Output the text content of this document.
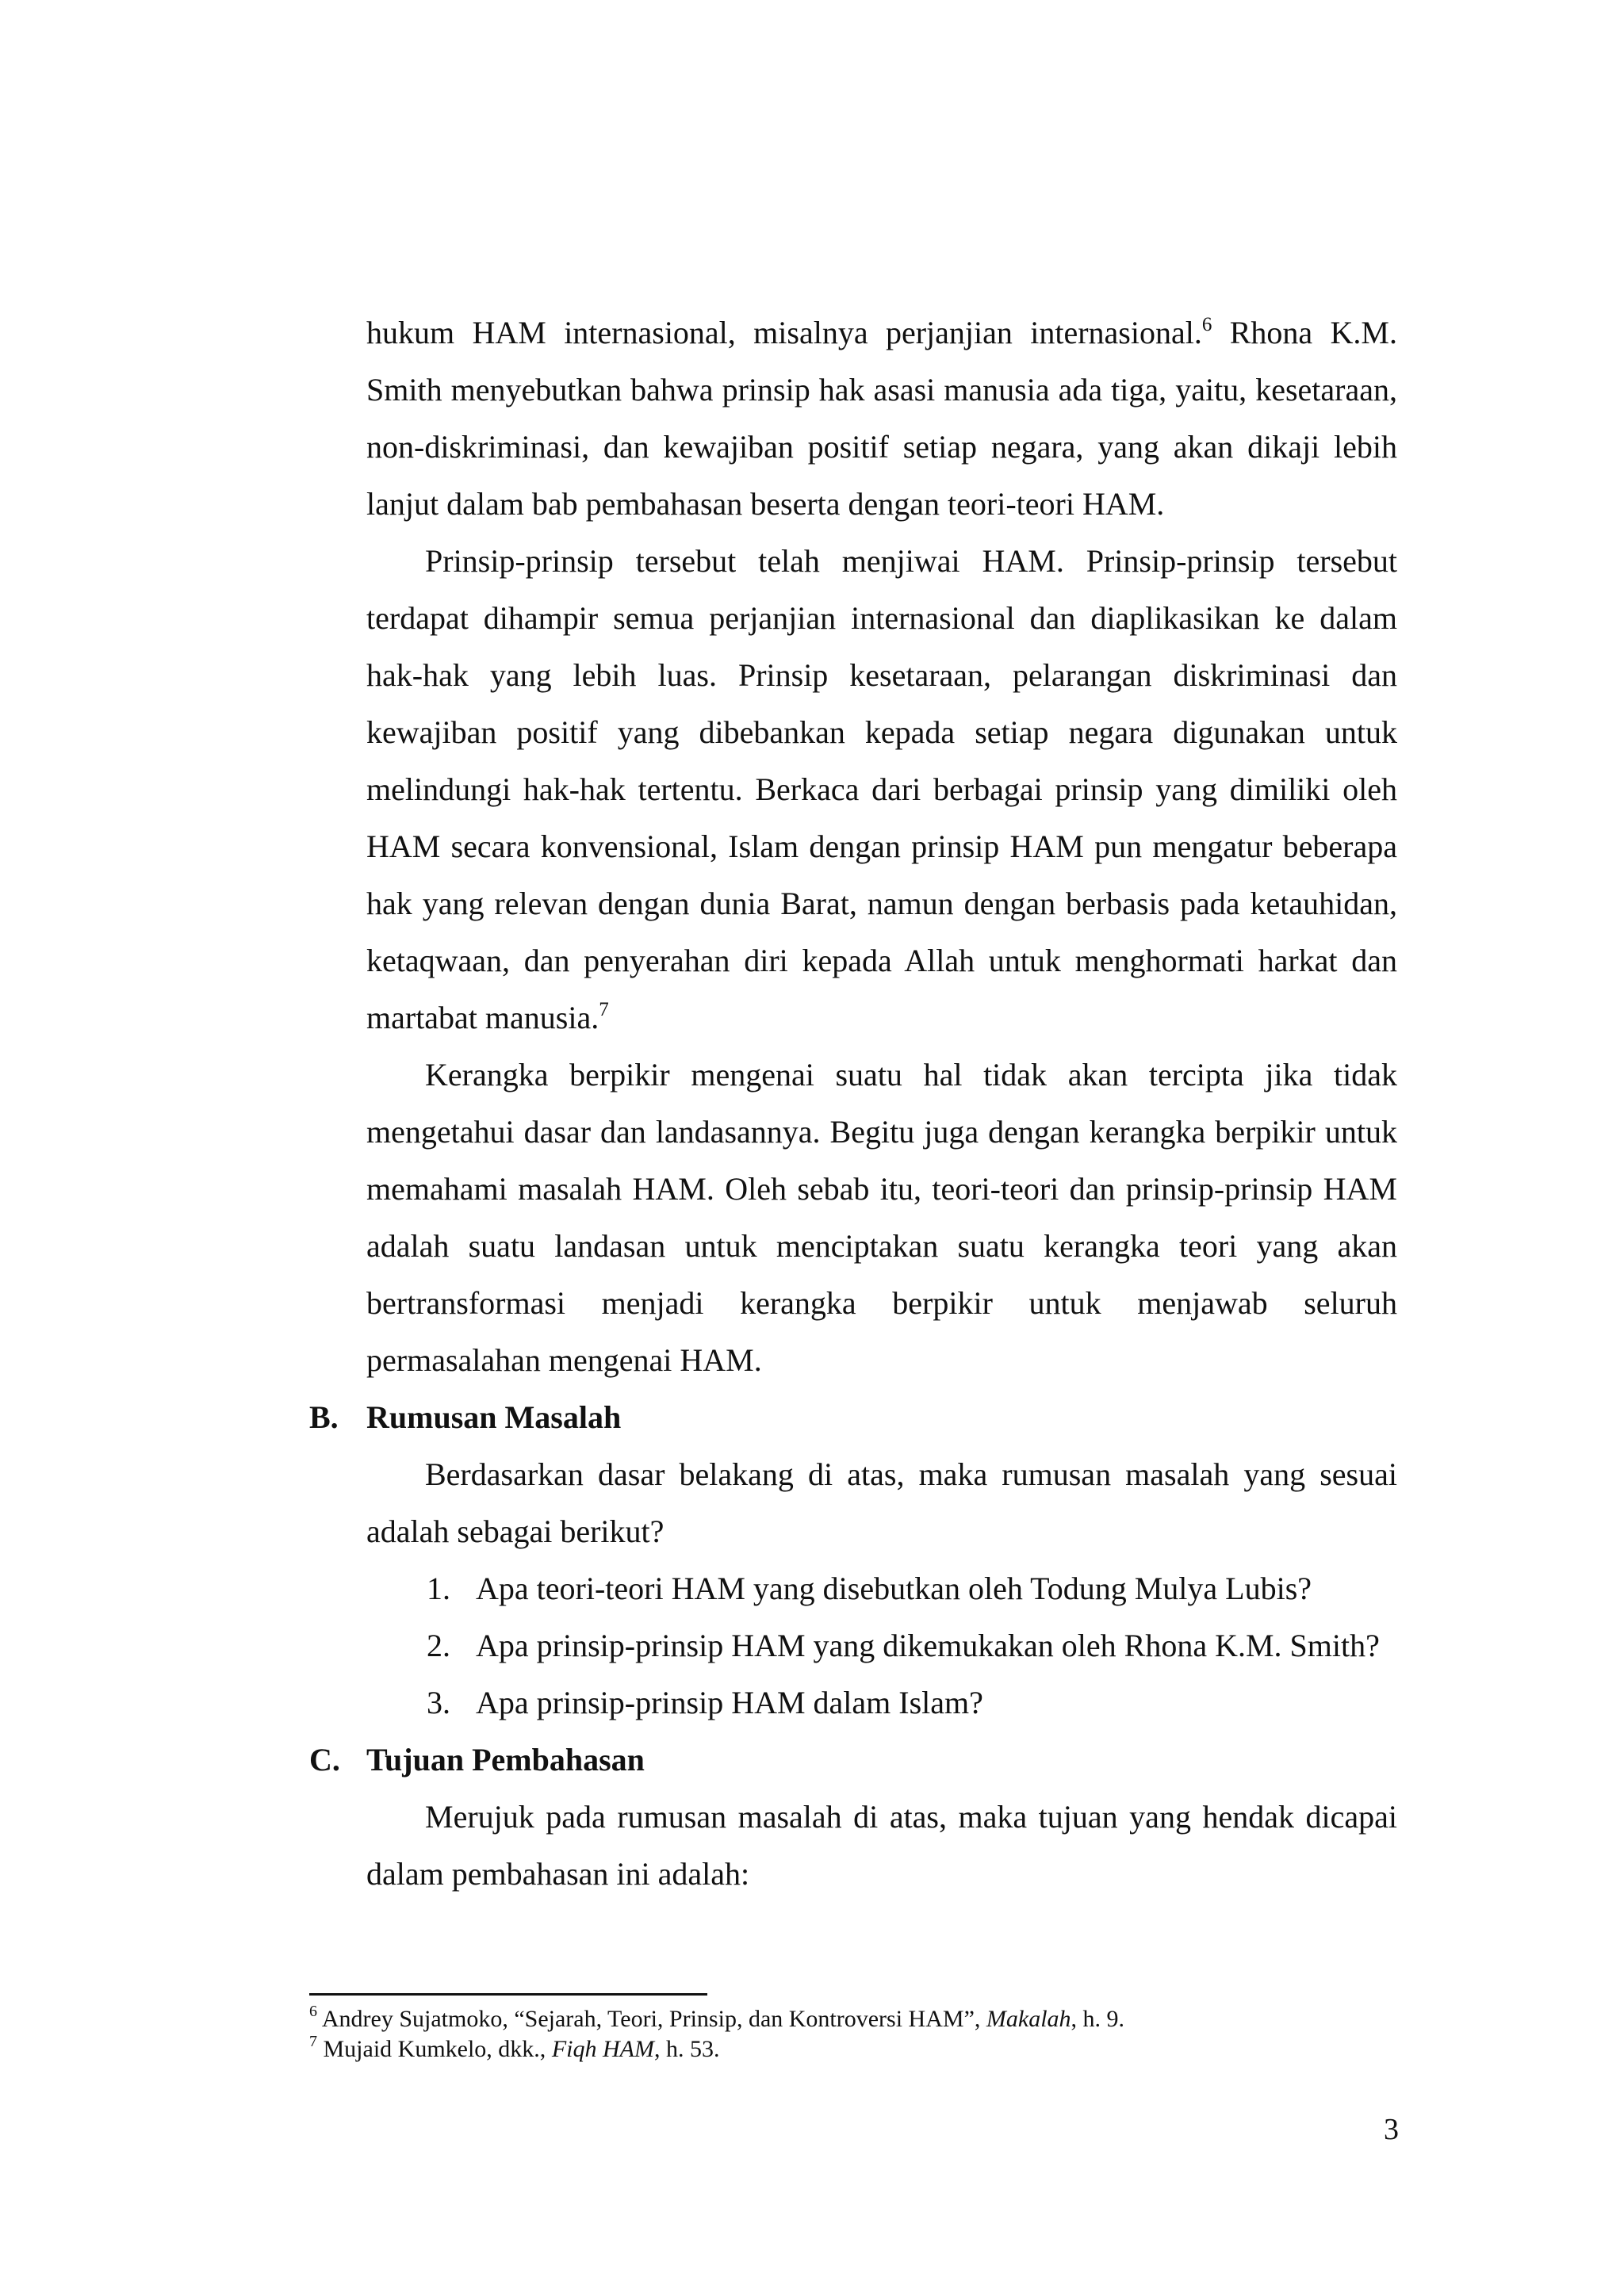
hukum HAM internasional, misalnya perjanjian internasional.$^6$ Rhona K.M. Smith menyebutkan bahwa prinsip hak asasi manusia ada tiga, yaitu, kesetaraan, non-diskriminasi, dan kewajiban positif setiap negara, yang akan dikaji lebih lanjut dalam bab pembahasan beserta dengan teori-teori HAM.

Prinsip-prinsip tersebut telah menjiwai HAM. Prinsip-prinsip tersebut terdapat dihampir semua perjanjian internasional dan diaplikasikan ke dalam hak-hak yang lebih luas. Prinsip kesetaraan, pelarangan diskriminasi dan kewajiban positif yang dibebankan kepada setiap negara digunakan untuk melindungi hak-hak tertentu. Berkaca dari berbagai prinsip yang dimiliki oleh HAM secara konvensional, Islam dengan prinsip HAM pun mengatur beberapa hak yang relevan dengan dunia Barat, namun dengan berbasis pada ketauhidan, ketaqwaan, dan penyerahan diri kepada Allah untuk menghormati harkat dan martabat manusia.$^7$

Kerangka berpikir mengenai suatu hal tidak akan tercipta jika tidak mengetahui dasar dan landasannya. Begitu juga dengan kerangka berpikir untuk memahami masalah HAM. Oleh sebab itu, teori-teori dan prinsip-prinsip HAM adalah suatu landasan untuk menciptakan suatu kerangka teori yang akan bertransformasi menjadi kerangka berpikir untuk menjawab seluruh permasalahan mengenai HAM.

B. Rumusan Masalah

Berdasarkan dasar belakang di atas, maka rumusan masalah yang sesuai adalah sebagai berikut?

1. Apa teori-teori HAM yang disebutkan oleh Todung Mulya Lubis?
2. Apa prinsip-prinsip HAM yang dikemukakan oleh Rhona K.M. Smith?
3. Apa prinsip-prinsip HAM dalam Islam?
C. Tujuan Pembahasan

Merujuk pada rumusan masalah di atas, maka tujuan yang hendak dicapai dalam pembahasan ini adalah:

$^6$ Andrey Sujatmoko, “Sejarah, Teori, Prinsip, dan Kontroversi HAM”, Makalah, h. 9.

$^7$ Mujaid Kumkelo, dkk., Fiqh HAM, h. 53.

3
